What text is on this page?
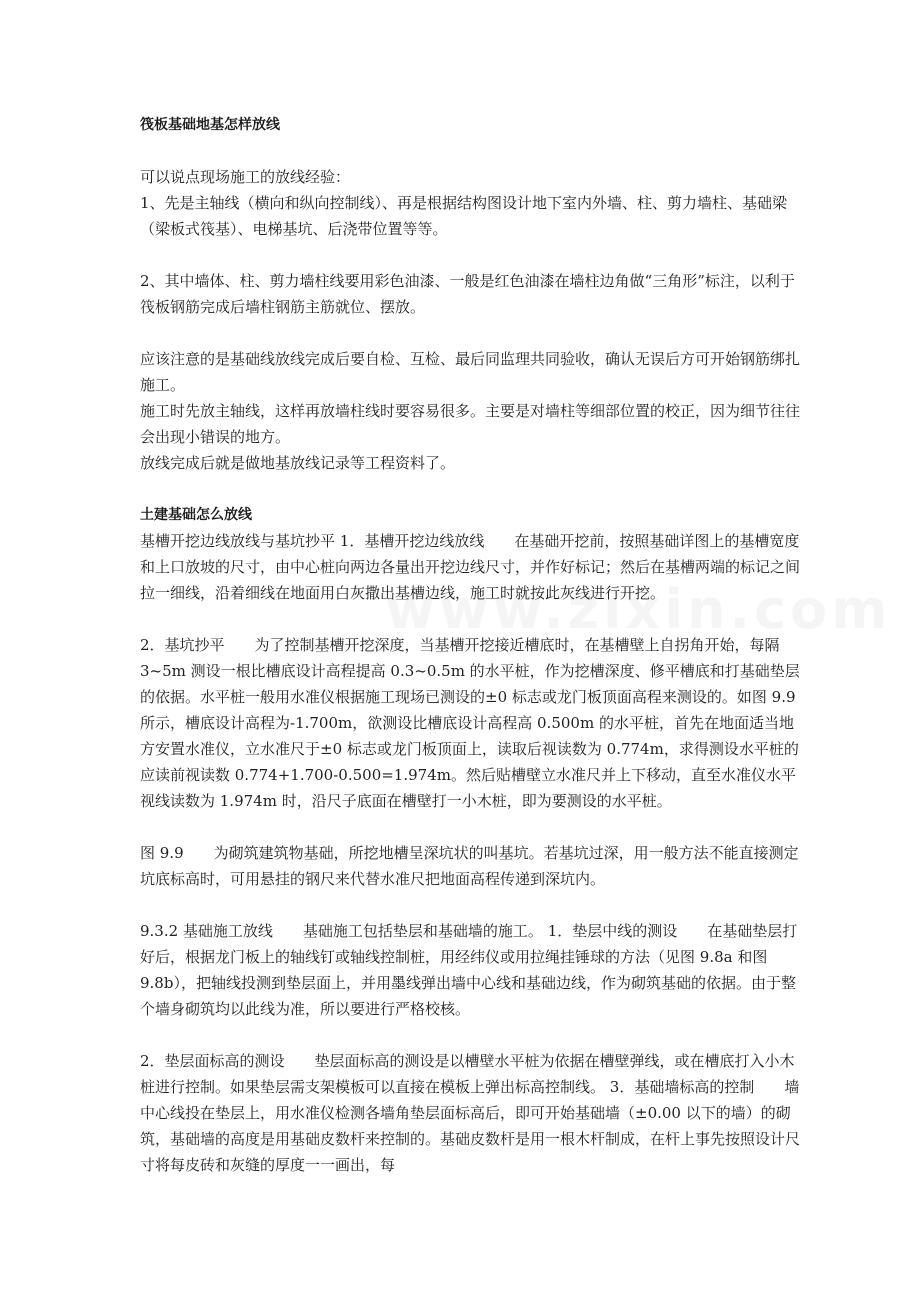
筏板基础地基怎样放线

可以说点现场施工的放线经验：

1、先是主轴线（横向和纵向控制线）、再是根据结构图设计地下室内外墙、柱、剪力墙柱、基础梁（梁板式筏基）、电梯基坑、后浇带位置等等。

2、其中墙体、柱、剪力墙柱线要用彩色油漆、一般是红色油漆在墙柱边角做“三角形”标注，以利于筏板钢筋完成后墙柱钢筋主筋就位、摆放。

应该注意的是基础线放线完成后要自检、互检、最后同监理共同验收，确认无误后方可开始钢筋绑扎施工。

施工时先放主轴线，这样再放墙柱线时要容易很多。主要是对墙柱等细部位置的校正，因为细节往往会出现小错误的地方。

放线完成后就是做地基放线记录等工程资料了。

土建基础怎么放线

基槽开挖边线放线与基坑抄平 1．基槽开挖边线放线　　在基础开挖前，按照基础详图上的基槽宽度和上口放坡的尺寸，由中心桩向两边各量出开挖边线尺寸，并作好标记；然后在基槽两端的标记之间拉一细线，沿着细线在地面用白灰撒出基槽边线，施工时就按此灰线进行开挖。

2．基坑抄平　　为了控制基槽开挖深度，当基槽开挖接近槽底时，在基槽壁上自拐角开始，每隔 3~5m 测设一根比槽底设计高程提高 0.3~0.5m 的水平桩，作为挖槽深度、修平槽底和打基础垫层的依据。水平桩一般用水准仪根据施工现场已测设的±0 标志或龙门板顶面高程来测设的。如图 9.9 所示，槽底设计高程为-1.700m，欲测设比槽底设计高程高 0.500m 的水平桩，首先在地面适当地方安置水准仪，立水准尺于±0 标志或龙门板顶面上，读取后视读数为 0.774m，求得测设水平桩的应读前视读数 0.774+1.700-0.500=1.974m。然后贴槽壁立水准尺并上下移动，直至水准仪水平视线读数为 1.974m 时，沿尺子底面在槽壁打一小木桩，即为要测设的水平桩。

图 9.9　　为砌筑建筑物基础，所挖地槽呈深坑状的叫基坑。若基坑过深，用一般方法不能直接测定坑底标高时，可用悬挂的钢尺来代替水准尺把地面高程传递到深坑内。

9.3.2 基础施工放线　　基础施工包括垫层和基础墙的施工。 1．垫层中线的测设　　在基础垫层打好后，根据龙门板上的轴线钉或轴线控制桩，用经纬仪或用拉绳挂锤球的方法（见图 9.8a 和图 9.8b），把轴线投测到垫层面上，并用墨线弹出墙中心线和基础边线，作为砌筑基础的依据。由于整个墙身砌筑均以此线为准，所以要进行严格校核。

2．垫层面标高的测设　　垫层面标高的测设是以槽壁水平桩为依据在槽壁弹线，或在槽底打入小木桩进行控制。如果垫层需支架模板可以直接在模板上弹出标高控制线。 3．基础墙标高的控制　　墙中心线投在垫层上，用水准仪检测各墙角垫层面标高后，即可开始基础墙（±0.00 以下的墙）的砌筑，基础墙的高度是用基础皮数杆来控制的。基础皮数杆是用一根木杆制成，在杆上事先按照设计尺寸将每皮砖和灰缝的厚度一一画出，每
